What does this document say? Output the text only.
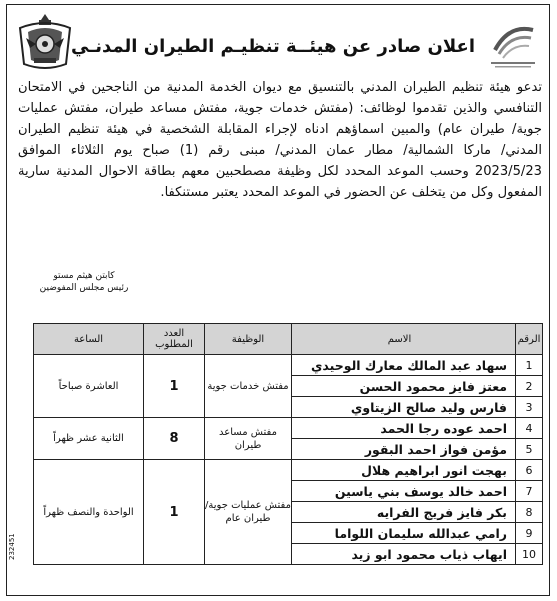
اعلان صادر عن هيئــة تنظيـم الطيران المدنـي

تدعو هيئة تنظيم الطيران المدني بالتنسيق مع ديوان الخدمة المدنية من الناجحين في الامتحان التنافسي والذين تقدموا لوظائف: (مفتش خدمات جوية، مفتش مساعد طيران، مفتش عمليات جوية/ طيران عام) والمبين اسماؤهم ادناه لإجراء المقابلة الشخصية في هيئة تنظيم الطيران المدني/ ماركا الشمالية/ مطار عمان المدني/ مبنى رقم (1) صباح يوم الثلاثاء الموافق 2023/5/23 وحسب الموعد المحدد لكل وظيفة مصطحبين معهم بطاقة الاحوال المدنية سارية المفعول وكل من يتخلف عن الحضور في الموعد المحدد يعتبر مستنكفا.

كابتن هيثم مستو
رئيس مجلس المفوضين
الرقم	الاسم	الوظيفة	العدد المطلوب	الساعة
1	سهاد عبد المالك معارك الوحيدي	مفتش خدمات جوية	1	العاشرة صباحاً
2	معتز فايز محمود الحسن			
3	فارس وليد صالح الزيتاوي			
4	احمد عوده رجا الحمد	مفتش مساعد طيران	8	الثانية عشر ظهراً
5	مؤمن فواز احمد البقور			
6	بهجت انور ابراهيم هلال	مفتش عمليات جوية/ طيران عام	1	الواحدة والنصف ظهراً
7	احمد خالد يوسف بني ياسين			
8	بكر فايز فريج الفرايه			
9	رامي عبدالله سليمان اللواما			
10	ايهاب ذياب محمود ابو زيد			
232451
